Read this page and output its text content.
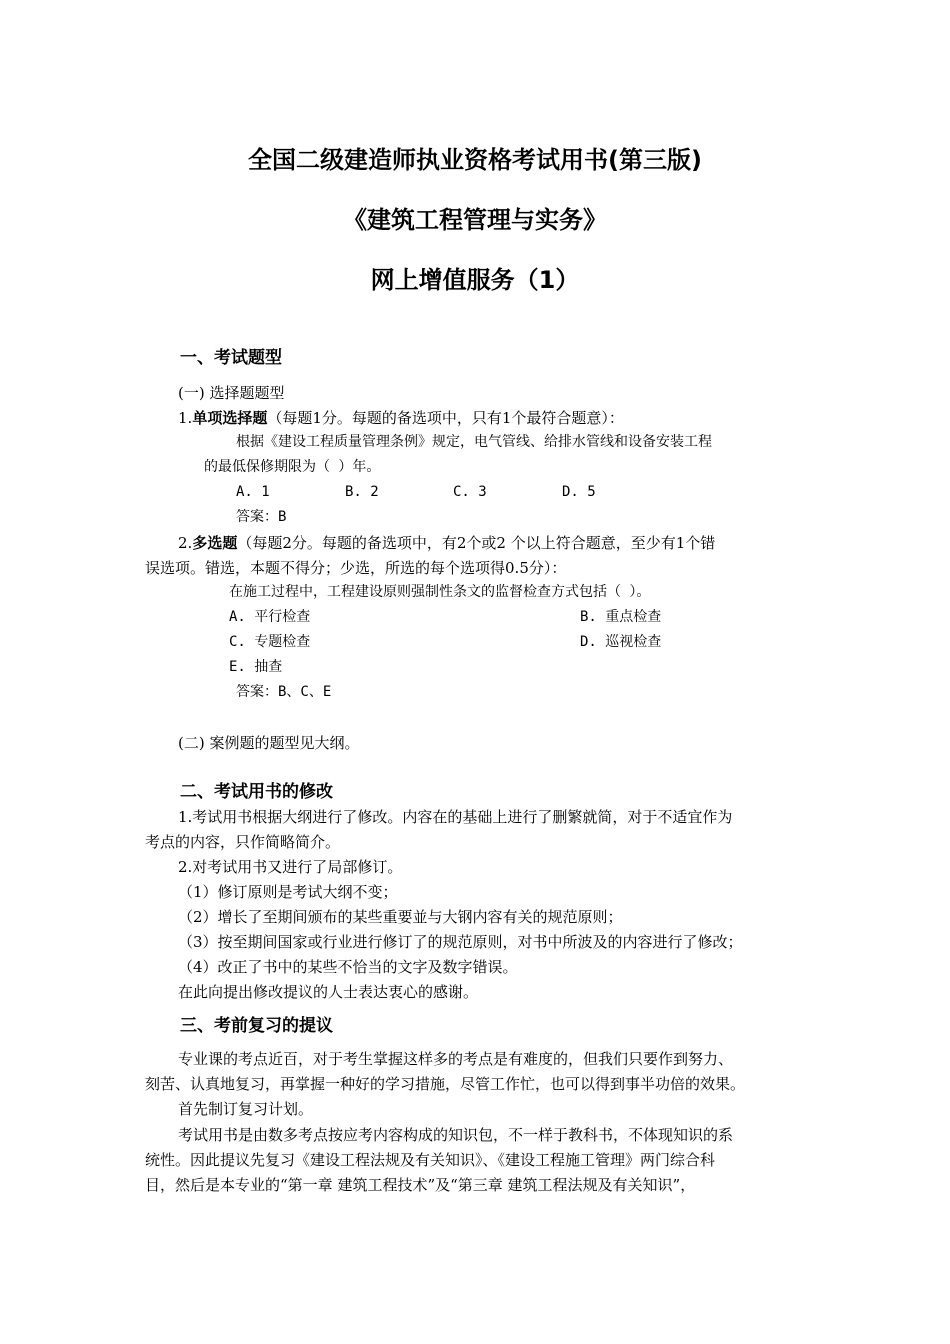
全国二级建造师执业资格考试用书(第三版)
《建筑工程管理与实务》
网上增值服务（1）
一、考试题型
(一) 选择题题型
1.单项选择题（每题1分。每题的备选项中，只有1个最符合题意）：
根据《建设工程质量管理条例》规定，电气管线、给排水管线和设备安装工程
的最低保修期限为（ ）年。
A. 1	B. 2	C. 3	D. 5
答案：B
2.多选题（每题2分。每题的备选项中，有2个或2 个以上符合题意，至少有1个错
误选项。错选，本题不得分；少选，所选的每个选项得0.5分）：
在施工过程中，工程建设原则强制性条文的监督检查方式包括（ ）。
A. 平行检查	B. 重点检查
C. 专题检查	D. 巡视检查
E. 抽查
答案：B、C、E
(二) 案例题的题型见大纲。
二、考试用书的修改
1.考试用书根据大纲进行了修改。内容在的基础上进行了删繁就简，对于不适宜作为
考点的内容，只作简略简介。
2.对考试用书又进行了局部修订。
（1）修订原则是考试大纲不变；
（2）增长了至期间颁布的某些重要並与大钢内容有关的规范原则；
（3）按至期间国家或行业进行修订了的规范原则，对书中所波及的内容进行了修改；
（4）改正了书中的某些不恰当的文字及数字错误。
在此向提出修改提议的人士表达衷心的感谢。
三、考前复习的提议
专业课的考点近百，对于考生掌握这样多的考点是有难度的，但我们只要作到努力、
刻苦、认真地复习，再掌握一种好的学习措施，尽管工作忙，也可以得到事半功倍的效果。
首先制订复习计划。
考试用书是由数多考点按应考内容构成的知识包，不一样于教科书，不体现知识的系
统性。因此提议先复习《建设工程法规及有关知识》、《建设工程施工管理》两门综合科
目，然后是本专业的“第一章 建筑工程技术”及“第三章 建筑工程法规及有关知识”，
